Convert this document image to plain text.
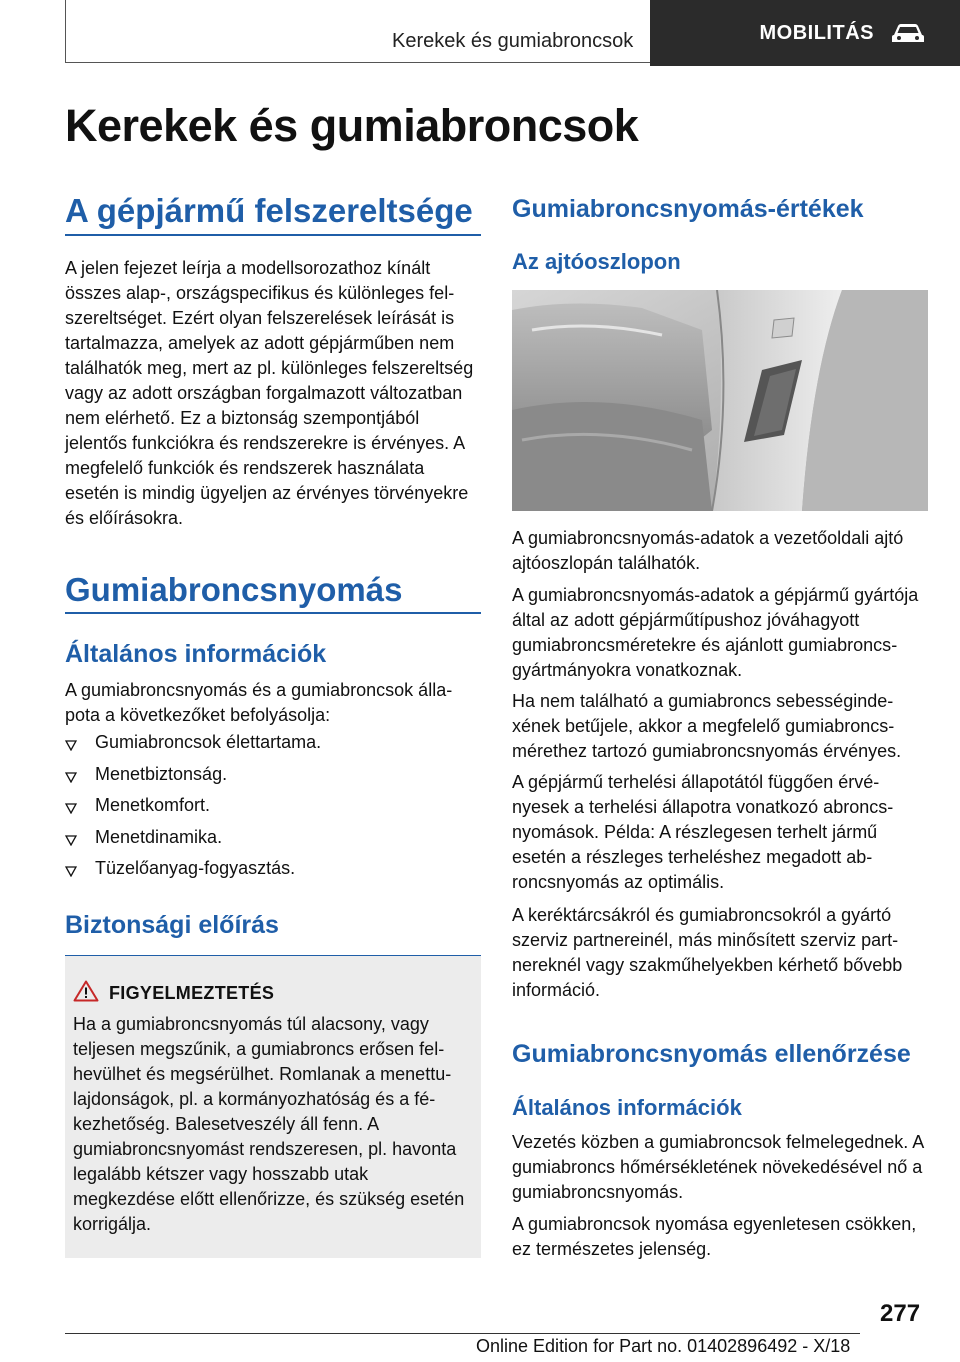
Kerekek és gumiabroncsok	MOBILITÁS
Kerekek és gumiabroncsok
A gépjármű felszereltsége

A jelen fejezet leírja a modellsorozathoz kínált összes alap-, országspecifikus és különleges felszereltséget. Ezért olyan felszerelések leírását is tartalmazza, amelyek az adott gépjárműben nem találhatók meg, mert az pl. különleges felszereltség vagy az adott országban forgalmazott változatban nem elérhető. Ez a biztonság szempontjából jelentős funkciókra és rendszerekre is érvényes. A megfelelő funkciók és rendszerek használata esetén is mindig ügyeljen az érvényes törvényekre és előírásokra.

Gumiabroncsnyomás
Általános információk

A gumiabroncsnyomás és a gumiabroncsok állapota a következőket befolyásolja:

Gumiabroncsok élettartama.
Menetbiztonság.
Menetkomfort.
Menetdinamika.
Tüzelőanyag-fogyasztás.
Biztonsági előírás
FIGYELMEZTETÉS

Ha a gumiabroncsnyomás túl alacsony, vagy teljesen megszűnik, a gumiabroncs erősen felhevülhet és megsérülhet. Romlanak a menettulajdonságok, pl. a kormányozhatóság és a fékezhetőség. Balesetveszély áll fenn. A gumiabroncsnyomást rendszeresen, pl. havonta legalább kétszer vagy hosszabb utak megkezdése előtt ellenőrizze, és szükség esetén korrigálja.

Gumiabroncsnyomás-értékek
Az ajtóoszlopon

A gumiabroncsnyomás-adatok a vezetőoldali ajtó ajtóoszlopán találhatók.

A gumiabroncsnyomás-adatok a gépjármű gyártója által az adott gépjárműtípushoz jóváhagyott gumiabroncsméretekre és ajánlott gumiabroncsgyártmányokra vonatkoznak.

Ha nem található a gumiabroncs sebességindexének betűjele, akkor a megfelelő gumiabroncsmérethez tartozó gumiabroncsnyomás érvényes.

A gépjármű terhelési állapotától függően érvényesek a terhelési állapotra vonatkozó abroncsnyomások. Példa: A részlegesen terhelt jármű esetén a részleges terheléshez megadott abroncsnyomás az optimális.

A keréktárcsákról és gumiabroncsokról a gyártó szerviz partnereinél, más minősített szerviz partnereknél vagy szakműhelyekben kérhető bővebb információ.

Gumiabroncsnyomás ellenőrzése
Általános információk

Vezetés közben a gumiabroncsok felmelegednek. A gumiabroncs hőmérsékletének növekedésével nő a gumiabroncsnyomás.

A gumiabroncsok nyomása egyenletesen csökken, ez természetes jelenség.

277
Online Edition for Part no. 01402896492 - X/18
